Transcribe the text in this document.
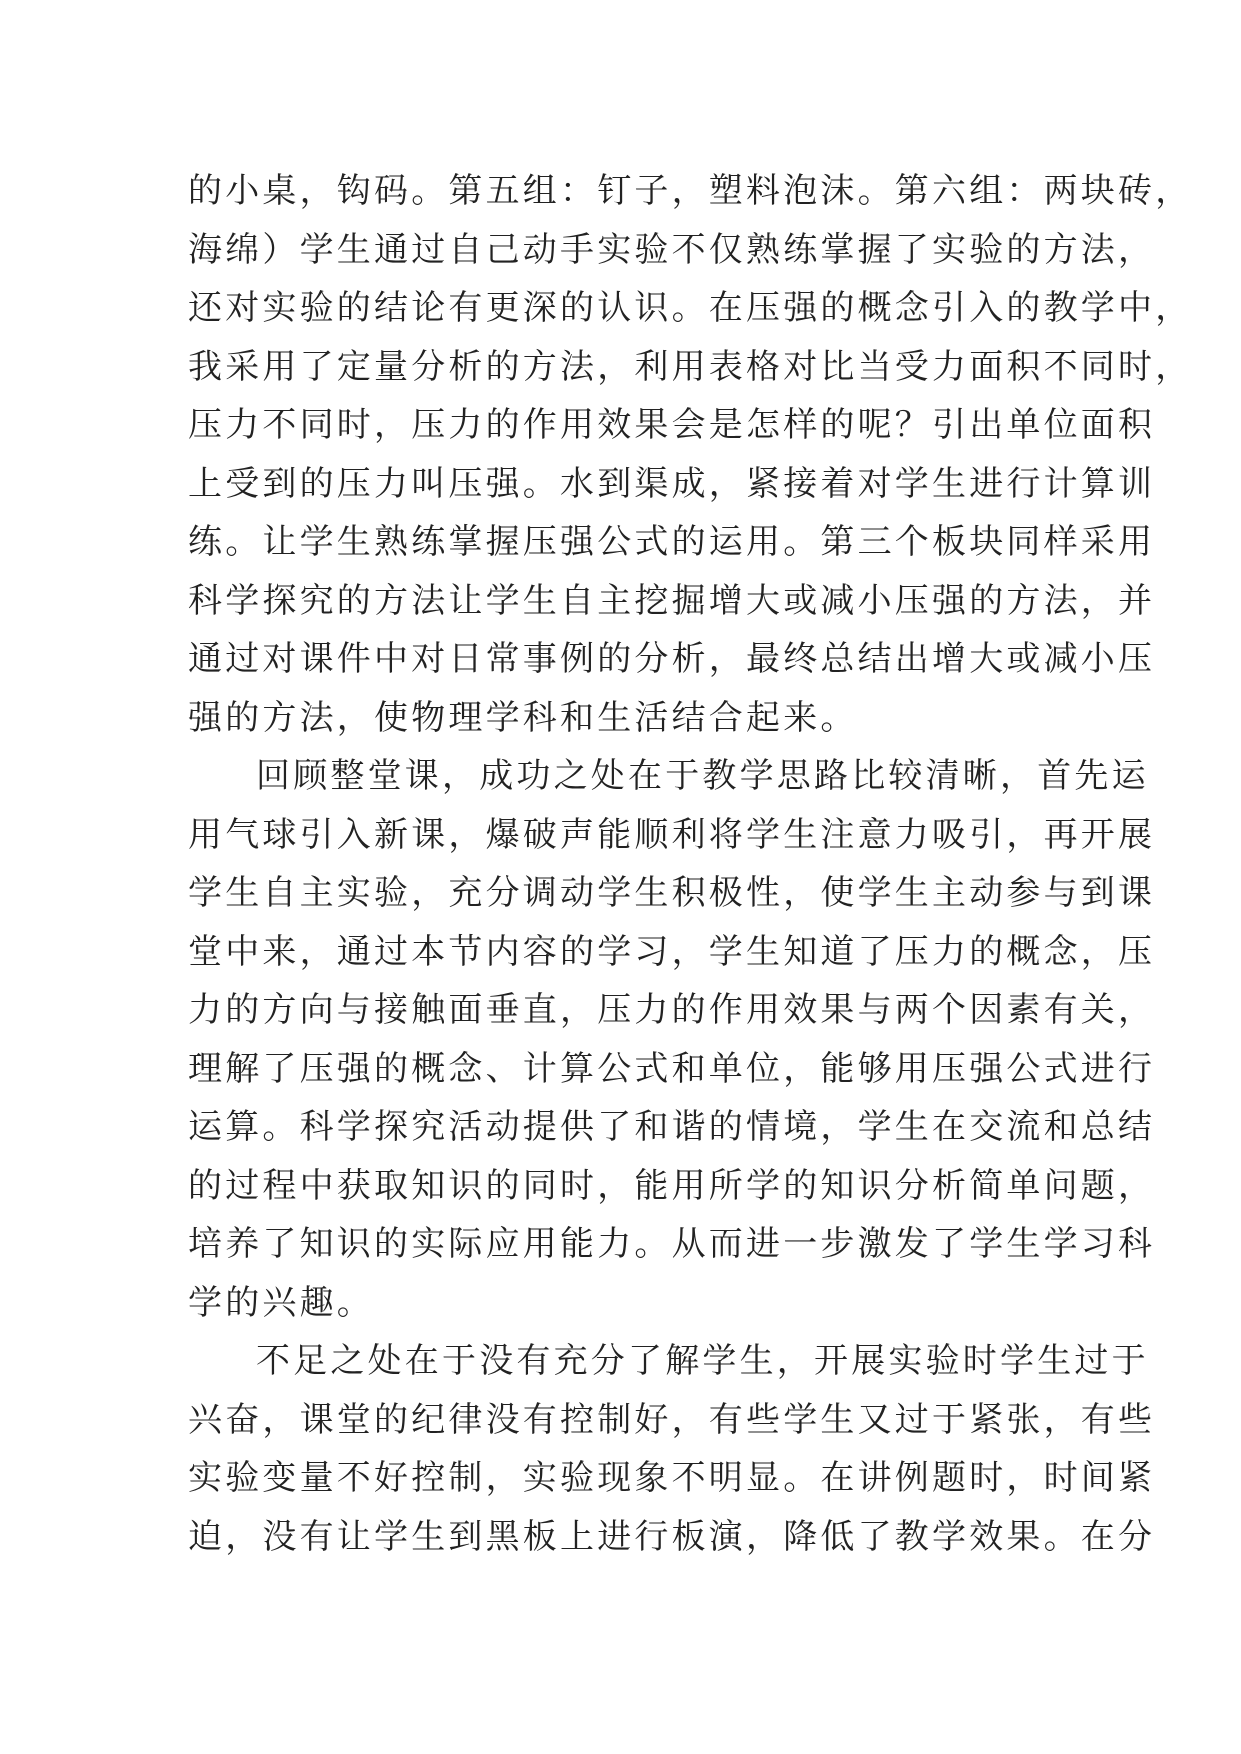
的小桌，钩码。第五组：钉子，塑料泡沫。第六组：两块砖，
海绵）学生通过自己动手实验不仅熟练掌握了实验的方法，
还对实验的结论有更深的认识。在压强的概念引入的教学中，
我采用了定量分析的方法，利用表格对比当受力面积不同时，
压力不同时，压力的作用效果会是怎样的呢？引出单位面积
上受到的压力叫压强。水到渠成，紧接着对学生进行计算训
练。让学生熟练掌握压强公式的运用。第三个板块同样采用
科学探究的方法让学生自主挖掘增大或减小压强的方法，并
通过对课件中对日常事例的分析，最终总结出增大或减小压
强的方法，使物理学科和生活结合起来。
回顾整堂课，成功之处在于教学思路比较清晰，首先运
用气球引入新课，爆破声能顺利将学生注意力吸引，再开展
学生自主实验，充分调动学生积极性，使学生主动参与到课
堂中来，通过本节内容的学习，学生知道了压力的概念，压
力的方向与接触面垂直，压力的作用效果与两个因素有关，
理解了压强的概念、计算公式和单位，能够用压强公式进行
运算。科学探究活动提供了和谐的情境，学生在交流和总结
的过程中获取知识的同时，能用所学的知识分析简单问题，
培养了知识的实际应用能力。从而进一步激发了学生学习科
学的兴趣。
不足之处在于没有充分了解学生，开展实验时学生过于
兴奋，课堂的纪律没有控制好，有些学生又过于紧张，有些
实验变量不好控制，实验现象不明显。在讲例题时，时间紧
迫，没有让学生到黑板上进行板演，降低了教学效果。在分
